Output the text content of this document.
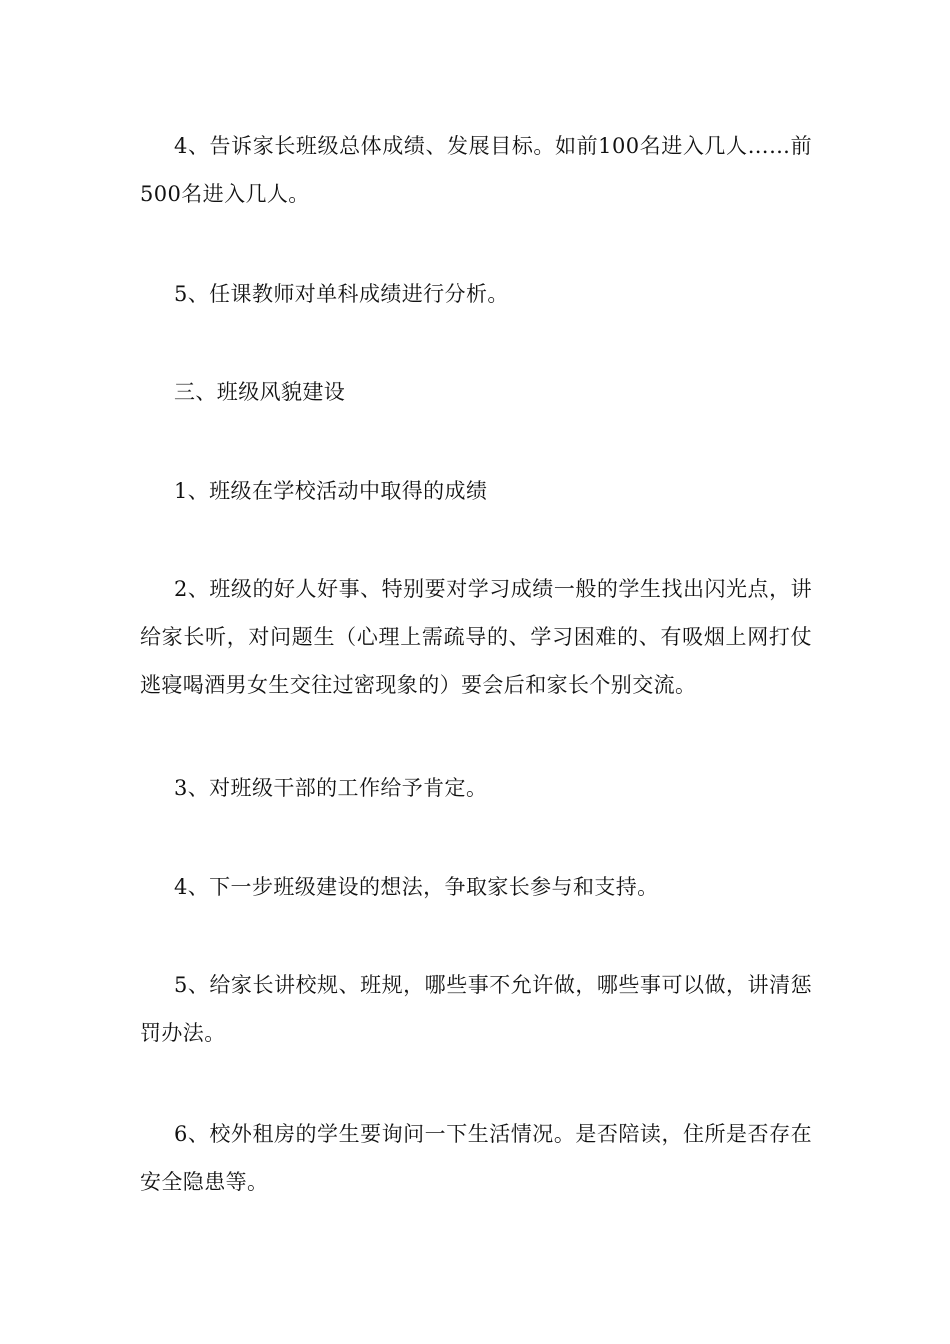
4、告诉家长班级总体成绩、发展目标。如前100名进入几人……前500名进入几人。

5、任课教师对单科成绩进行分析。

三、班级风貌建设

1、班级在学校活动中取得的成绩

2、班级的好人好事、特别要对学习成绩一般的学生找出闪光点，讲给家长听，对问题生（心理上需疏导的、学习困难的、有吸烟上网打仗逃寝喝酒男女生交往过密现象的）要会后和家长个别交流。

3、对班级干部的工作给予肯定。

4、下一步班级建设的想法，争取家长参与和支持。

5、给家长讲校规、班规，哪些事不允许做，哪些事可以做，讲清惩罚办法。

6、校外租房的学生要询问一下生活情况。是否陪读，住所是否存在安全隐患等。
